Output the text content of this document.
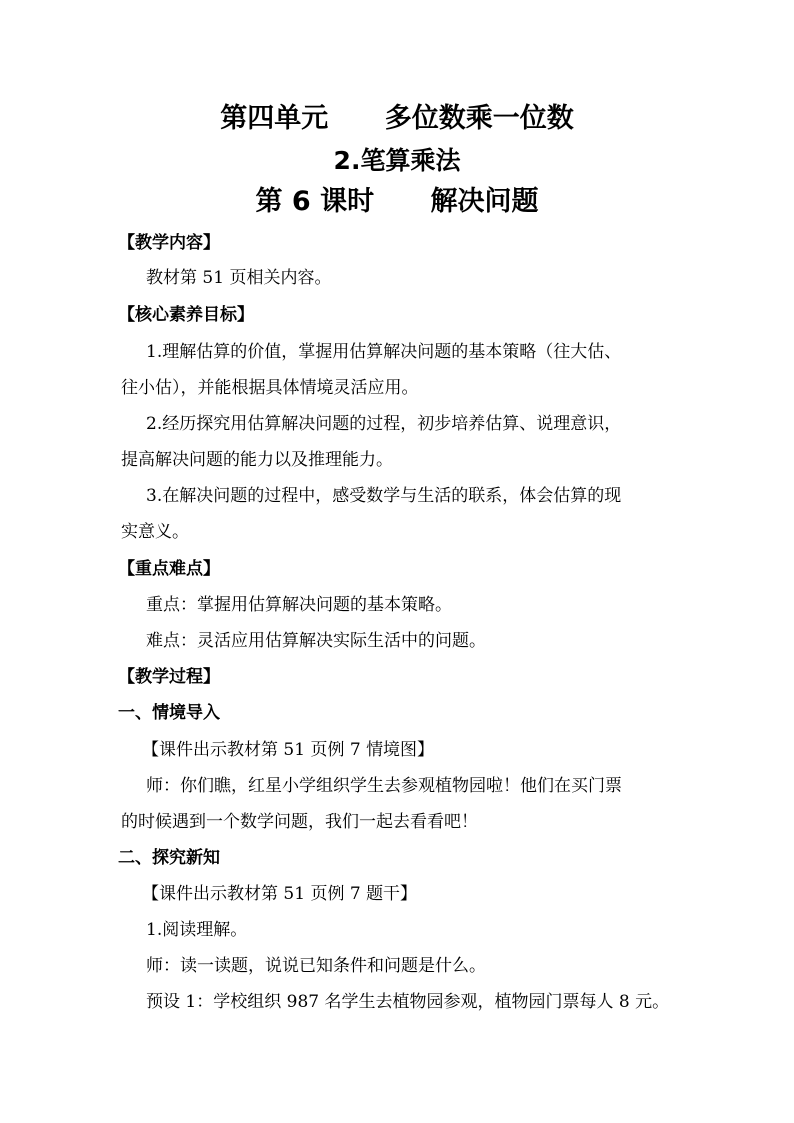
第四单元      多位数乘一位数
2.笔算乘法
第 6 课时      解决问题
【教学内容】
教材第 51 页相关内容。
【核心素养目标】
1.理解估算的价值，掌握用估算解决问题的基本策略（往大估、
往小估），并能根据具体情境灵活应用。
2.经历探究用估算解决问题的过程，初步培养估算、说理意识，
提高解决问题的能力以及推理能力。
3.在解决问题的过程中，感受数学与生活的联系，体会估算的现
实意义。
【重点难点】
重点：掌握用估算解决问题的基本策略。
难点：灵活应用估算解决实际生活中的问题。
【教学过程】
一、情境导入
【课件出示教材第 51 页例 7 情境图】
师：你们瞧，红星小学组织学生去参观植物园啦！他们在买门票
的时候遇到一个数学问题，我们一起去看看吧！
二、探究新知
【课件出示教材第 51 页例 7 题干】
1.阅读理解。
师：读一读题，说说已知条件和问题是什么。
预设 1：学校组织 987 名学生去植物园参观，植物园门票每人 8 元。
